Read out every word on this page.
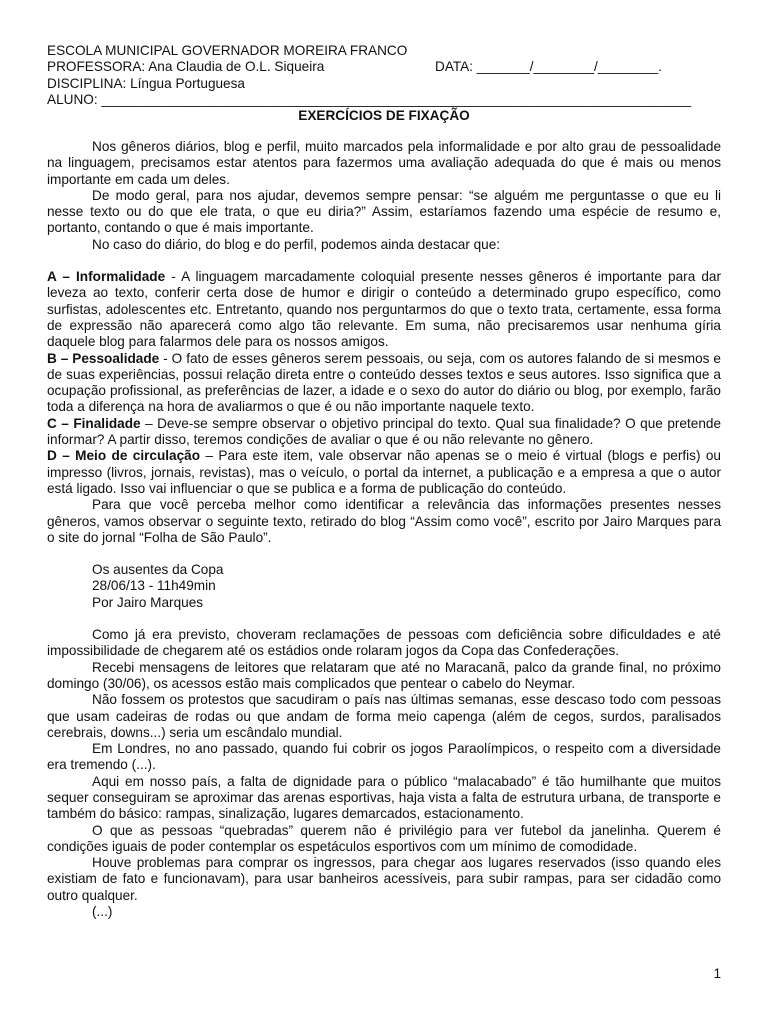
ESCOLA MUNICIPAL GOVERNADOR MOREIRA FRANCO
PROFESSORA: Ana Claudia de O.L. Siqueira	DATA: _______/________/________.
DISCIPLINA: Língua Portuguesa
ALUNO: ______________________________________________________________________________
EXERCÍCIOS DE FIXAÇÃO

Nos gêneros diários, blog e perfil, muito marcados pela informalidade e por alto grau de pessoalidade na linguagem, precisamos estar atentos para fazermos uma avaliação adequada do que é mais ou menos importante em cada um deles.

De modo geral, para nos ajudar, devemos sempre pensar: “se alguém me perguntasse o que eu li nesse texto ou do que ele trata, o que eu diria?” Assim, estaríamos fazendo uma espécie de resumo e, portanto, contando o que é mais importante.

No caso do diário, do blog e do perfil, podemos ainda destacar que:

A – Informalidade - A linguagem marcadamente coloquial presente nesses gêneros é importante para dar leveza ao texto, conferir certa dose de humor e dirigir o conteúdo a determinado grupo específico, como surfistas, adolescentes etc. Entretanto, quando nos perguntarmos do que o texto trata, certamente, essa forma de expressão não aparecerá como algo tão relevante. Em suma, não precisaremos usar nenhuma gíria daquele blog para falarmos dele para os nossos amigos.

B – Pessoalidade - O fato de esses gêneros serem pessoais, ou seja, com os autores falando de si mesmos e de suas experiências, possui relação direta entre o conteúdo desses textos e seus autores. Isso significa que a ocupação profissional, as preferências de lazer, a idade e o sexo do autor do diário ou blog, por exemplo, farão toda a diferença na hora de avaliarmos o que é ou não importante naquele texto.

C – Finalidade – Deve-se sempre observar o objetivo principal do texto. Qual sua finalidade? O que pretende informar? A partir disso, teremos condições de avaliar o que é ou não relevante no gênero.

D – Meio de circulação – Para este item, vale observar não apenas se o meio é virtual (blogs e perfis) ou impresso (livros, jornais, revistas), mas o veículo, o portal da internet, a publicação e a empresa a que o autor está ligado. Isso vai influenciar o que se publica e a forma de publicação do conteúdo.

Para que você perceba melhor como identificar a relevância das informações presentes nesses gêneros, vamos observar o seguinte texto, retirado do blog “Assim como você”, escrito por Jairo Marques para o site do jornal “Folha de São Paulo”.

Os ausentes da Copa

28/06/13 - 11h49min

Por Jairo Marques

Como já era previsto, choveram reclamações de pessoas com deficiência sobre dificuldades e até impossibilidade de chegarem até os estádios onde rolaram jogos da Copa das Confederações.

Recebi mensagens de leitores que relataram que até no Maracanã, palco da grande final, no próximo domingo (30/06), os acessos estão mais complicados que pentear o cabelo do Neymar.

Não fossem os protestos que sacudiram o país nas últimas semanas, esse descaso todo com pessoas que usam cadeiras de rodas ou que andam de forma meio capenga (além de cegos, surdos, paralisados cerebrais, downs...) seria um escândalo mundial.

Em Londres, no ano passado, quando fui cobrir os jogos Paraolímpicos, o respeito com a diversidade era tremendo (...).

Aqui em nosso país, a falta de dignidade para o público “malacabado” é tão humilhante que muitos sequer conseguiram se aproximar das arenas esportivas, haja vista a falta de estrutura urbana, de transporte e também do básico: rampas, sinalização, lugares demarcados, estacionamento.

O que as pessoas “quebradas” querem não é privilégio para ver futebol da janelinha. Querem é condições iguais de poder contemplar os espetáculos esportivos com um mínimo de comodidade.

Houve problemas para comprar os ingressos, para chegar aos lugares reservados (isso quando eles existiam de fato e funcionavam), para usar banheiros acessíveis, para subir rampas, para ser cidadão como outro qualquer.

(...)

1
